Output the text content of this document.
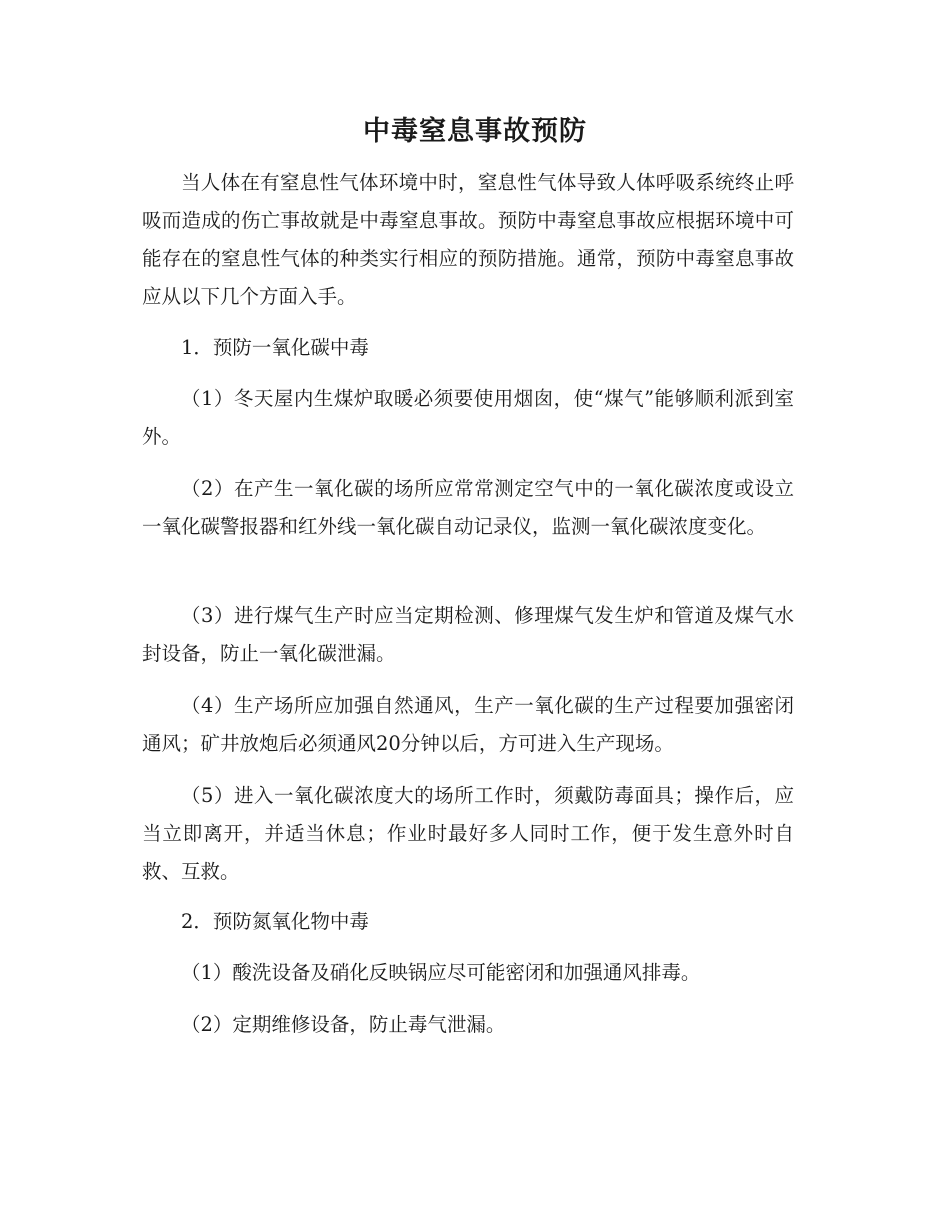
中毒窒息事故预防

当人体在有窒息性气体环境中时，窒息性气体导致人体呼吸系统终止呼吸而造成的伤亡事故就是中毒窒息事故。预防中毒窒息事故应根据环境中可能存在的窒息性气体的种类实行相应的预防措施。通常，预防中毒窒息事故应从以下几个方面入手。

1．预防一氧化碳中毒

（1）冬天屋内生煤炉取暖必须要使用烟囱，使“煤气”能够顺利派到室外。

（2）在产生一氧化碳的场所应常常测定空气中的一氧化碳浓度或设立一氧化碳警报器和红外线一氧化碳自动记录仪，监测一氧化碳浓度变化。

（3）进行煤气生产时应当定期检测、修理煤气发生炉和管道及煤气水封设备，防止一氧化碳泄漏。

（4）生产场所应加强自然通风，生产一氧化碳的生产过程要加强密闭通风；矿井放炮后必须通风20分钟以后，方可进入生产现场。

（5）进入一氧化碳浓度大的场所工作时，须戴防毒面具；操作后，应当立即离开，并适当休息；作业时最好多人同时工作，便于发生意外时自救、互救。

2．预防氮氧化物中毒

（1）酸洗设备及硝化反映锅应尽可能密闭和加强通风排毒。

（2）定期维修设备，防止毒气泄漏。
